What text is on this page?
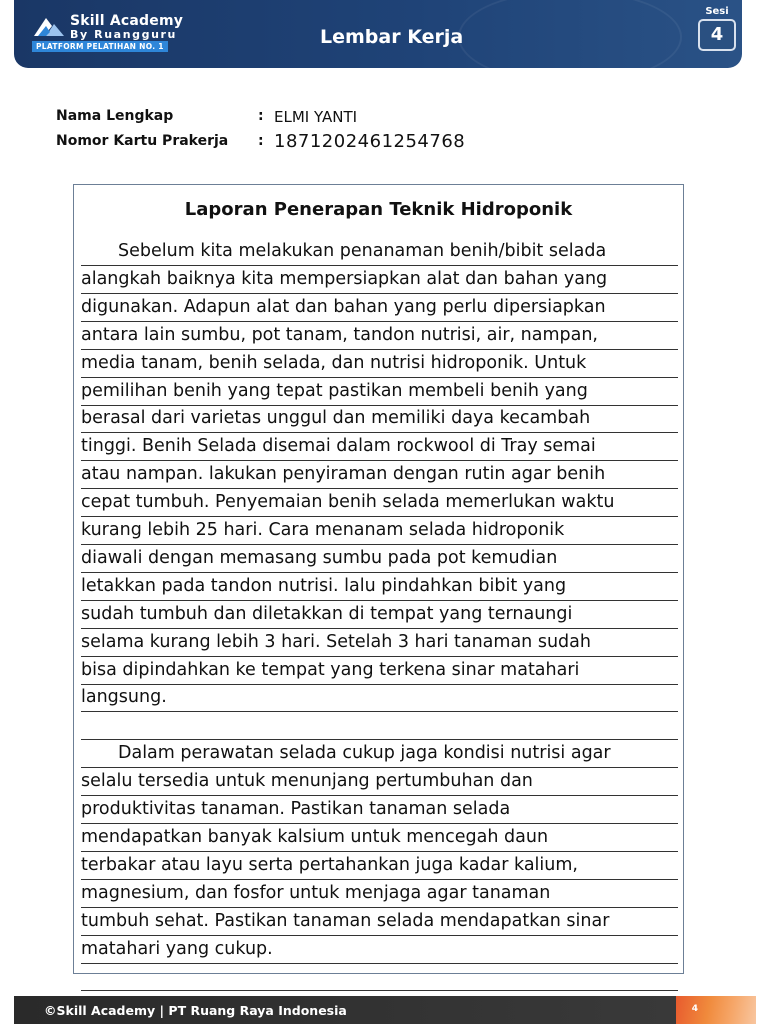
Skill Academy
By Ruangguru
PLATFORM PELATIHAN NO. 1	Lembar Kerja
Sesi
4
Nama Lengkap	: ELMI YANTI
Nomor Kartu Prakerja : 1871202461254768
Laporan Penerapan Teknik Hidroponik
Sebelum kita melakukan penanaman benih/bibit selada
alangkah baiknya kita mempersiapkan alat dan bahan yang
digunakan. Adapun alat dan bahan yang perlu dipersiapkan
antara lain sumbu, pot tanam, tandon nutrisi, air, nampan,
media tanam, benih selada, dan nutrisi hidroponik. Untuk
pemilihan benih yang tepat pastikan membeli benih yang
berasal dari varietas unggul dan memiliki daya kecambah
tinggi. Benih Selada disemai dalam rockwool di Tray semai
atau nampan. lakukan penyiraman dengan rutin agar benih
cepat tumbuh. Penyemaian benih selada memerlukan waktu
kurang lebih 25 hari. Cara menanam selada hidroponik
diawali dengan memasang sumbu pada pot kemudian
letakkan pada tandon nutrisi. lalu pindahkan bibit yang
sudah tumbuh dan diletakkan di tempat yang ternaungi
selama kurang lebih 3 hari. Setelah 3 hari tanaman sudah
bisa dipindahkan ke tempat yang terkena sinar matahari
langsung.
Dalam perawatan selada cukup jaga kondisi nutrisi agar
selalu tersedia untuk menunjang pertumbuhan dan
produktivitas tanaman. Pastikan tanaman selada
mendapatkan banyak kalsium untuk mencegah daun
terbakar atau layu serta pertahankan juga kadar kalium,
magnesium, dan fosfor untuk menjaga agar tanaman
tumbuh sehat. Pastikan tanaman selada mendapatkan sinar
matahari yang cukup.
©Skill Academy | PT Ruang Raya Indonesia	4
